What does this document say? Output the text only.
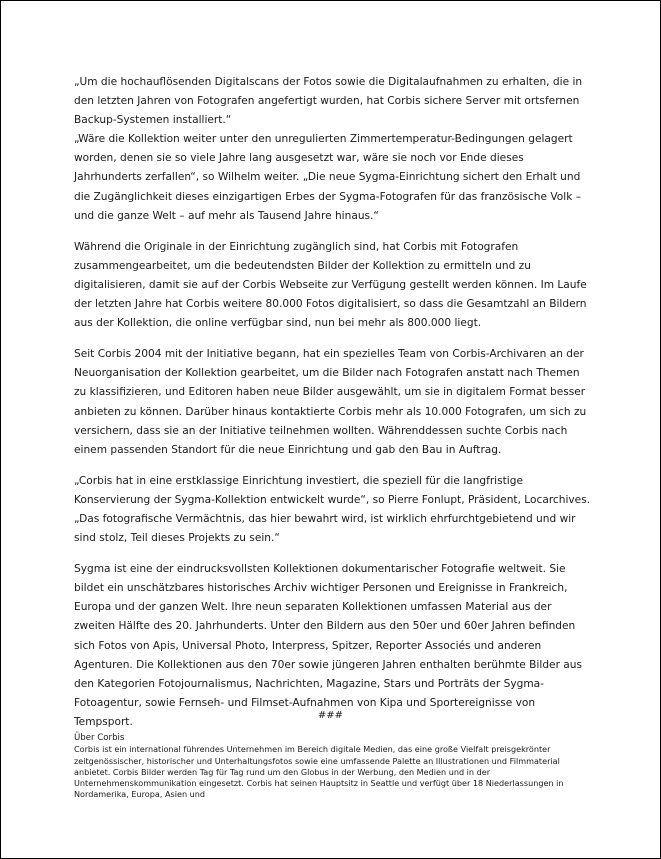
„Um die hochauflösenden Digitalscans der Fotos sowie die Digitalaufnahmen zu erhalten, die in den letzten Jahren von Fotografen angefertigt wurden, hat Corbis sichere Server mit ortsfernen Backup-Systemen installiert.“

„Wäre die Kollektion weiter unter den unregulierten Zimmertemperatur-Bedingungen gelagert worden, denen sie so viele Jahre lang ausgesetzt war, wäre sie noch vor Ende dieses Jahrhunderts zerfallen“, so Wilhelm weiter. „Die neue Sygma-Einrichtung sichert den Erhalt und die Zugänglichkeit dieses einzigartigen Erbes der Sygma-Fotografen für das französische Volk – und die ganze Welt – auf mehr als Tausend Jahre hinaus.“

Während die Originale in der Einrichtung zugänglich sind, hat Corbis mit Fotografen zusammengearbeitet, um die bedeutendsten Bilder der Kollektion zu ermitteln und zu digitalisieren, damit sie auf der Corbis Webseite zur Verfügung gestellt werden können. Im Laufe der letzten Jahre hat Corbis weitere 80.000 Fotos digitalisiert, so dass die Gesamtzahl an Bildern aus der Kollektion, die online verfügbar sind, nun bei mehr als 800.000 liegt.

Seit Corbis 2004 mit der Initiative begann, hat ein spezielles Team von Corbis-Archivaren an der Neuorganisation der Kollektion gearbeitet, um die Bilder nach Fotografen anstatt nach Themen zu klassifizieren, und Editoren haben neue Bilder ausgewählt, um sie in digitalem Format besser anbieten zu können. Darüber hinaus kontaktierte Corbis mehr als 10.000 Fotografen, um sich zu versichern, dass sie an der Initiative teilnehmen wollten. Währenddessen suchte Corbis nach einem passenden Standort für die neue Einrichtung und gab den Bau in Auftrag.

„Corbis hat in eine erstklassige Einrichtung investiert, die speziell für die langfristige Konservierung der Sygma-Kollektion entwickelt wurde“, so Pierre Fonlupt, Präsident, Locarchives. „Das fotografische Vermächtnis, das hier bewahrt wird, ist wirklich ehrfurchtgebietend und wir sind stolz, Teil dieses Projekts zu sein.“

Sygma ist eine der eindrucksvollsten Kollektionen dokumentarischer Fotografie weltweit. Sie bildet ein unschätzbares historisches Archiv wichtiger Personen und Ereignisse in Frankreich, Europa und der ganzen Welt. Ihre neun separaten Kollektionen umfassen Material aus der zweiten Hälfte des 20. Jahrhunderts. Unter den Bildern aus den 50er und 60er Jahren befinden sich Fotos von Apis, Universal Photo, Interpress, Spitzer, Reporter Associés und anderen Agenturen. Die Kollektionen aus den 70er sowie jüngeren Jahren enthalten berühmte Bilder aus den Kategorien Fotojournalismus, Nachrichten, Magazine, Stars und Porträts der Sygma-Fotoagentur, sowie Fernseh- und Filmset-Aufnahmen von Kipa und Sportereignisse von Tempsport.

###
Über Corbis
Corbis ist ein international führendes Unternehmen im Bereich digitale Medien, das eine große Vielfalt preisgekrönter zeitgenössischer, historischer und Unterhaltungsfotos sowie eine umfassende Palette an Illustrationen und Filmmaterial anbietet. Corbis Bilder werden Tag für Tag rund um den Globus in der Werbung, den Medien und in der Unternehmenskommunikation eingesetzt. Corbis hat seinen Hauptsitz in Seattle und verfügt über 18 Niederlassungen in Nordamerika, Europa, Asien und
